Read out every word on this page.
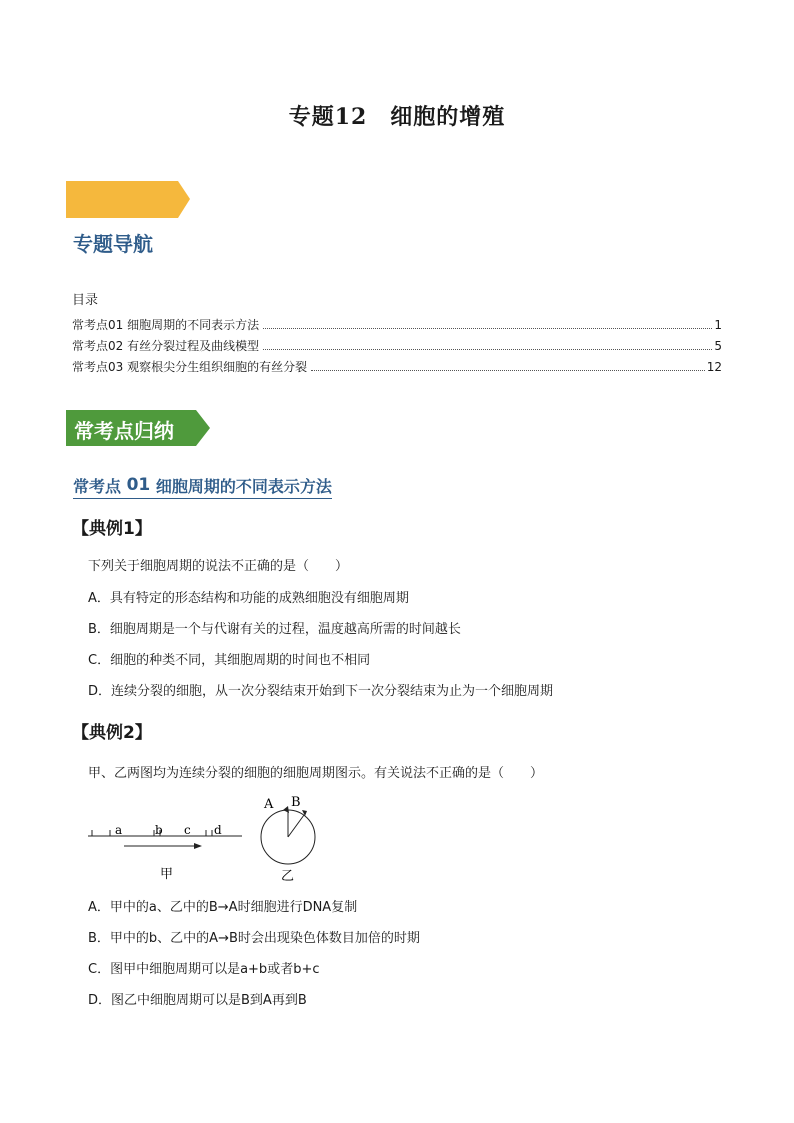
专题12　细胞的增殖
专题导航
目录
常考点01 细胞周期的不同表示方法	1
常考点02 有丝分裂过程及曲线模型	5
常考点03 观察根尖分生组织细胞的有丝分裂	12
常考点归纳
常考点 01 细胞周期的不同表示方法
【典例1】
下列关于细胞周期的说法不正确的是（　　）
A．具有特定的形态结构和功能的成熟细胞没有细胞周期
B．细胞周期是一个与代谢有关的过程，温度越高所需的时间越长
C．细胞的种类不同，其细胞周期的时间也不相同
D．连续分裂的细胞，从一次分裂结束开始到下一次分裂结束为止为一个细胞周期
【典例2】
甲、乙两图均为连续分裂的细胞的细胞周期图示。有关说法不正确的是（　　）
a	b c d
甲
A B
乙
A．甲中的a、乙中的B→A时细胞进行DNA复制
B．甲中的b、乙中的A→B时会出现染色体数目加倍的时期
C．图甲中细胞周期可以是a+b或者b+c
D．图乙中细胞周期可以是B到A再到B
